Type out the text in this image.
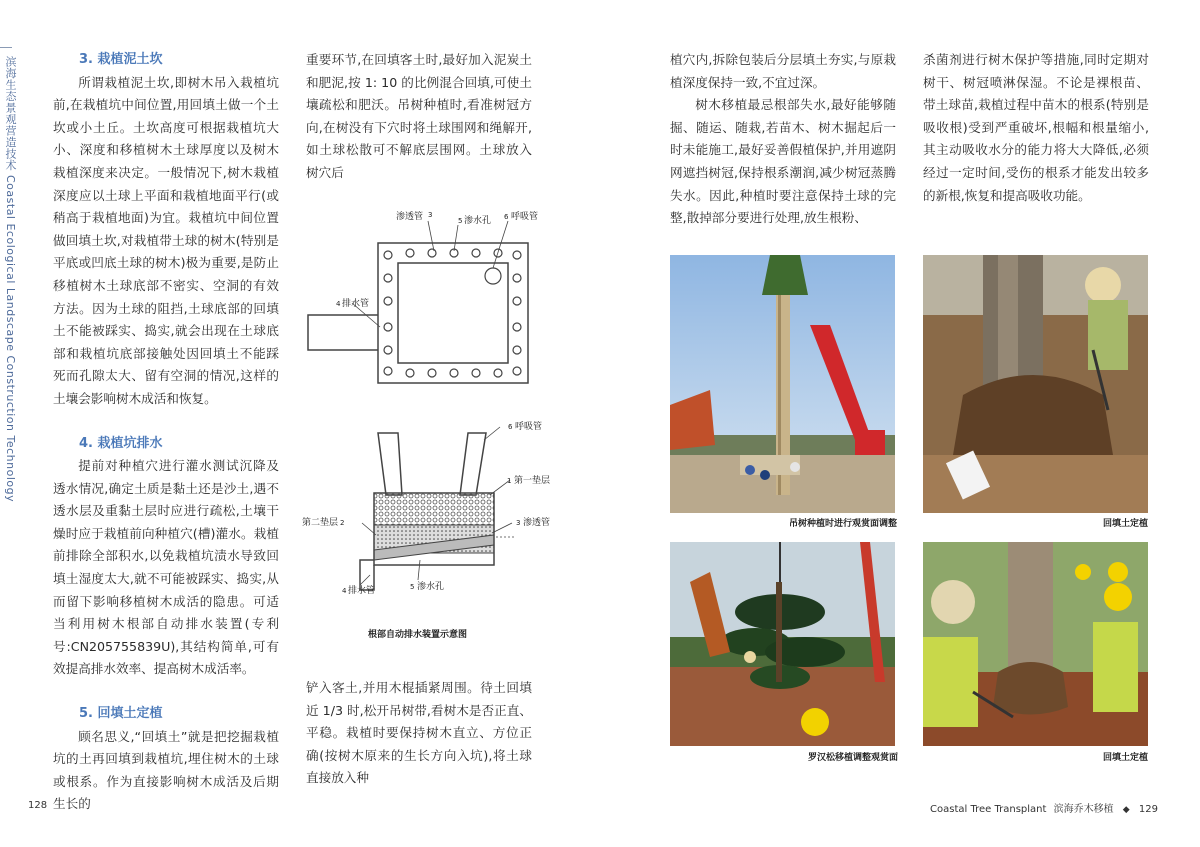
滨海生态景观营造技术 Coastal Ecological Landscape Construction Technology	3. 栽植泥土坎

所谓栽植泥土坎,即树木吊入栽植坑前,在栽植坑中间位置,用回填土做一个土坎或小土丘。土坎高度可根据栽植坑大小、深度和移植树木土球厚度以及树木栽植深度来决定。一般情况下,树木栽植深度应以土球上平面和栽植地面平行(或稍高于栽植地面)为宜。栽植坑中间位置做回填土坎,对栽植带土球的树木(特别是平底或凹底土球的树木)极为重要,是防止移植树木土球底部不密实、空洞的有效方法。因为土球的阻挡,土球底部的回填土不能被踩实、捣实,就会出现在土球底部和栽植坑底部接触处因回填土不能踩死而孔隙太大、留有空洞的情况,这样的土壤会影响树木成活和恢复。

4. 栽植坑排水

提前对种植穴进行灌水测试沉降及透水情况,确定土质是黏土还是沙土,遇不透水层及重黏土层时应进行疏松,土壤干燥时应于栽植前向种植穴(槽)灌水。栽植前排除全部积水,以免栽植坑渍水导致回填土湿度太大,就不可能被踩实、捣实,从而留下影响移植树木成活的隐患。可适当利用树木根部自动排水装置(专利号:CN205755839U),其结构简单,可有效提高排水效率、提高树木成活率。

5. 回填土定植

顾名思义,“回填土”就是把挖掘栽植坑的土再回填到栽植坑,埋住树木的土球或根系。作为直接影响树木成活及后期生长的

重要环节,在回填客土时,最好加入泥炭土和肥泥,按 1: 10 的比例混合回填,可使土壤疏松和肥沃。吊树种植时,看准树冠方向,在树没有下穴时将土球围网和绳解开,如土球松散可不解底层围网。土球放入树穴后

渗透管 3
5 渗水孔 6 呼吸管
4 排水管
6 呼吸管
1 第一垫层
第二垫层 2	3 渗透管
4 排水管	5 渗水孔
根部自动排水装置示意图

铲入客土,并用木棍插紧周围。待土回填近 1/3 时,松开吊树带,看树木是否正直、平稳。栽植时要保持树木直立、方位正确(按树木原来的生长方向入坑),将土球直接放入种

128

植穴内,拆除包装后分层填土夯实,与原栽植深度保持一致,不宜过深。

树木移植最忌根部失水,最好能够随掘、随运、随栽,若苗木、树木掘起后一时未能施工,最好妥善假植保护,并用遮阴网遮挡树冠,保持根系潮润,减少树冠蒸腾失水。因此,种植时要注意保持土球的完整,散掉部分要进行处理,放生根粉、

杀菌剂进行树木保护等措施,同时定期对树干、树冠喷淋保湿。不论是裸根苗、带土球苗,栽植过程中苗木的根系(特别是吸收根)受到严重破坏,根幅和根量缩小,其主动吸收水分的能力将大大降低,必须经过一定时间,受伤的根系才能发出较多的新根,恢复和提高吸收功能。

吊树种植时进行观赏面调整	回填土定植
罗汉松移植调整观赏面	回填土定植
Coastal Tree Transplant 滨海乔木移植 ◆ 129
